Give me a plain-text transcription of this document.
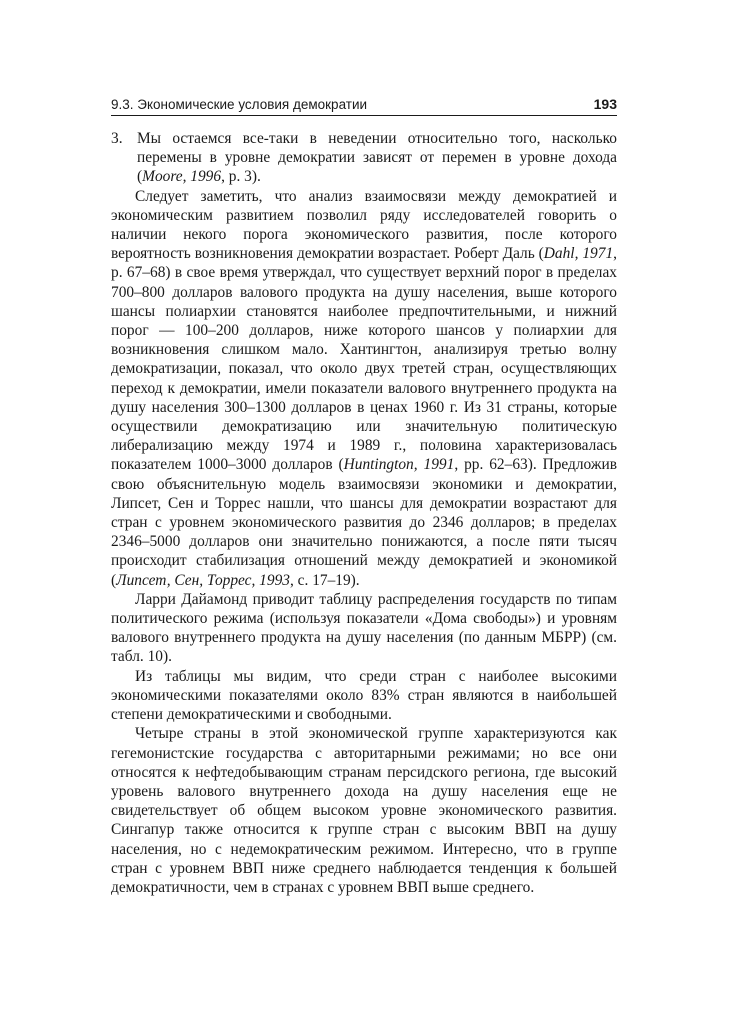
9.3. Экономические условия демократии	193
3. Мы остаемся все-таки в неведении относительно того, насколько перемены в уровне демократии зависят от перемен в уровне дохода (Moore, 1996, p. 3).

Следует заметить, что анализ взаимосвязи между демократией и экономическим развитием позволил ряду исследователей говорить о наличии некого порога экономического развития, после которого вероятность возникновения демократии возрастает. Роберт Даль (Dahl, 1971, p. 67–68) в свое время утверждал, что существует верхний порог в пределах 700–800 долларов валового продукта на душу населения, выше которого шансы полиархии становятся наиболее предпочтительными, и нижний порог — 100–200 долларов, ниже которого шансов у полиархии для возникновения слишком мало. Хантингтон, анализируя третью волну демократизации, показал, что около двух третей стран, осуществляющих переход к демократии, имели показатели валового внутреннего продукта на душу населения 300–1300 долларов в ценах 1960 г. Из 31 страны, которые осуществили демократизацию или значительную политическую либерализацию между 1974 и 1989 г., половина характеризовалась показателем 1000–3000 долларов (Huntington, 1991, pp. 62–63). Предложив свою объяснительную модель взаимосвязи экономики и демократии, Липсет, Сен и Торрес нашли, что шансы для демократии возрастают для стран с уровнем экономического развития до 2346 долларов; в пределах 2346–5000 долларов они значительно понижаются, а после пяти тысяч происходит стабилизация отношений между демократией и экономикой (Липсет, Сен, Торрес, 1993, с. 17–19).

Ларри Дайамонд приводит таблицу распределения государств по типам политического режима (используя показатели «Дома свободы») и уровням валового внутреннего продукта на душу населения (по данным МБРР) (см. табл. 10).

Из таблицы мы видим, что среди стран с наиболее высокими экономическими показателями около 83% стран являются в наибольшей степени демократическими и свободными.

Четыре страны в этой экономической группе характеризуются как гегемонистские государства с авторитарными режимами; но все они относятся к нефтедобывающим странам персидского региона, где высокий уровень валового внутреннего дохода на душу населения еще не свидетельствует об общем высоком уровне экономического развития. Сингапур также относится к группе стран с высоким ВВП на душу населения, но с недемократическим режимом. Интересно, что в группе стран с уровнем ВВП ниже среднего наблюдается тенденция к большей демократичности, чем в странах с уровнем ВВП выше среднего.
